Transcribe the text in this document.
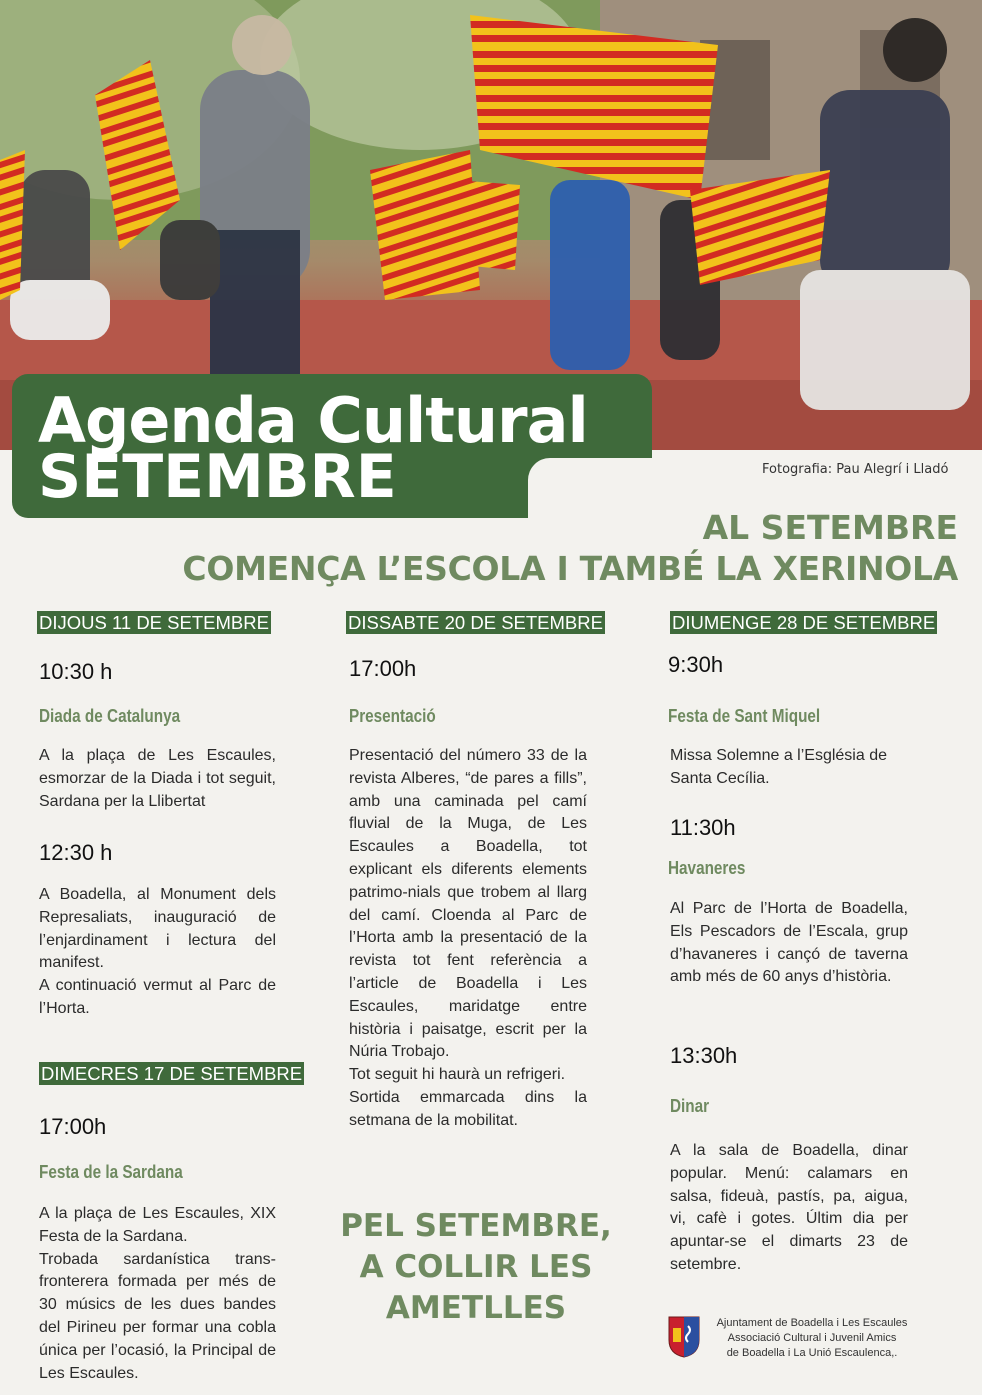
Agenda Cultural
SETEMBRE	Fotografia: Pau Alegrí i Lladó
AL SETEMBRE
COMENÇA L’ESCOLA I TAMBÉ LA XERINOLA
DIJOUS 11 DE SETEMBRE
10:30 h
Diada de Catalunya

A la plaça de Les Escaules, esmorzar de la Diada i tot seguit, Sardana per la Llibertat

12:30 h

A Boadella, al Monument dels Represaliats, inauguració de l’enjardinament i lectura del manifest.

A continuació vermut al Parc de l’Horta.

DIMECRES 17 DE SETEMBRE
17:00h
Festa de la Sardana

A la plaça de Les Escaules, XIX Festa de la Sardana.

Trobada sardanística trans-fronterera formada per més de 30 músics de les dues bandes del Pirineu per formar una cobla única per l’ocasió, la Principal de Les Escaules.

DISSABTE 20 DE SETEMBRE
17:00h
Presentació

Presentació del número 33 de la revista Alberes, “de pares a fills”, amb una caminada pel camí fluvial de la Muga, de Les Escaules a Boadella, tot explicant els diferents elements patrimo-nials que trobem al llarg del camí. Cloenda al Parc de l’Horta amb la presentació de la revista tot fent referència a l’article de Boadella i Les Escaules, maridatge entre història i paisatge, escrit per la Núria Trobajo.

Tot seguit hi haurà un refrigeri.

Sortida emmarcada dins la setmana de la mobilitat.

PEL SETEMBRE, A COLLIR LES AMETLLES
DIUMENGE 28 DE SETEMBRE
9:30h
Festa de Sant Miquel

Missa Solemne a l’Església de Santa Cecília.

11:30h
Havaneres

Al Parc de l’Horta de Boadella, Els Pescadors de l’Escala, grup d’havaneres i cançó de taverna amb més de 60 anys d’història.

13:30h
Dinar

A la sala de Boadella, dinar popular. Menú: calamars en salsa, fideuà, pastís, pa, aigua, vi, cafè i gotes. Últim dia per apuntar-se el dimarts 23 de setembre.

Ajuntament de Boadella i Les Escaules
Associació Cultural i Juvenil Amics
de Boadella i La Unió Escaulenca,.
